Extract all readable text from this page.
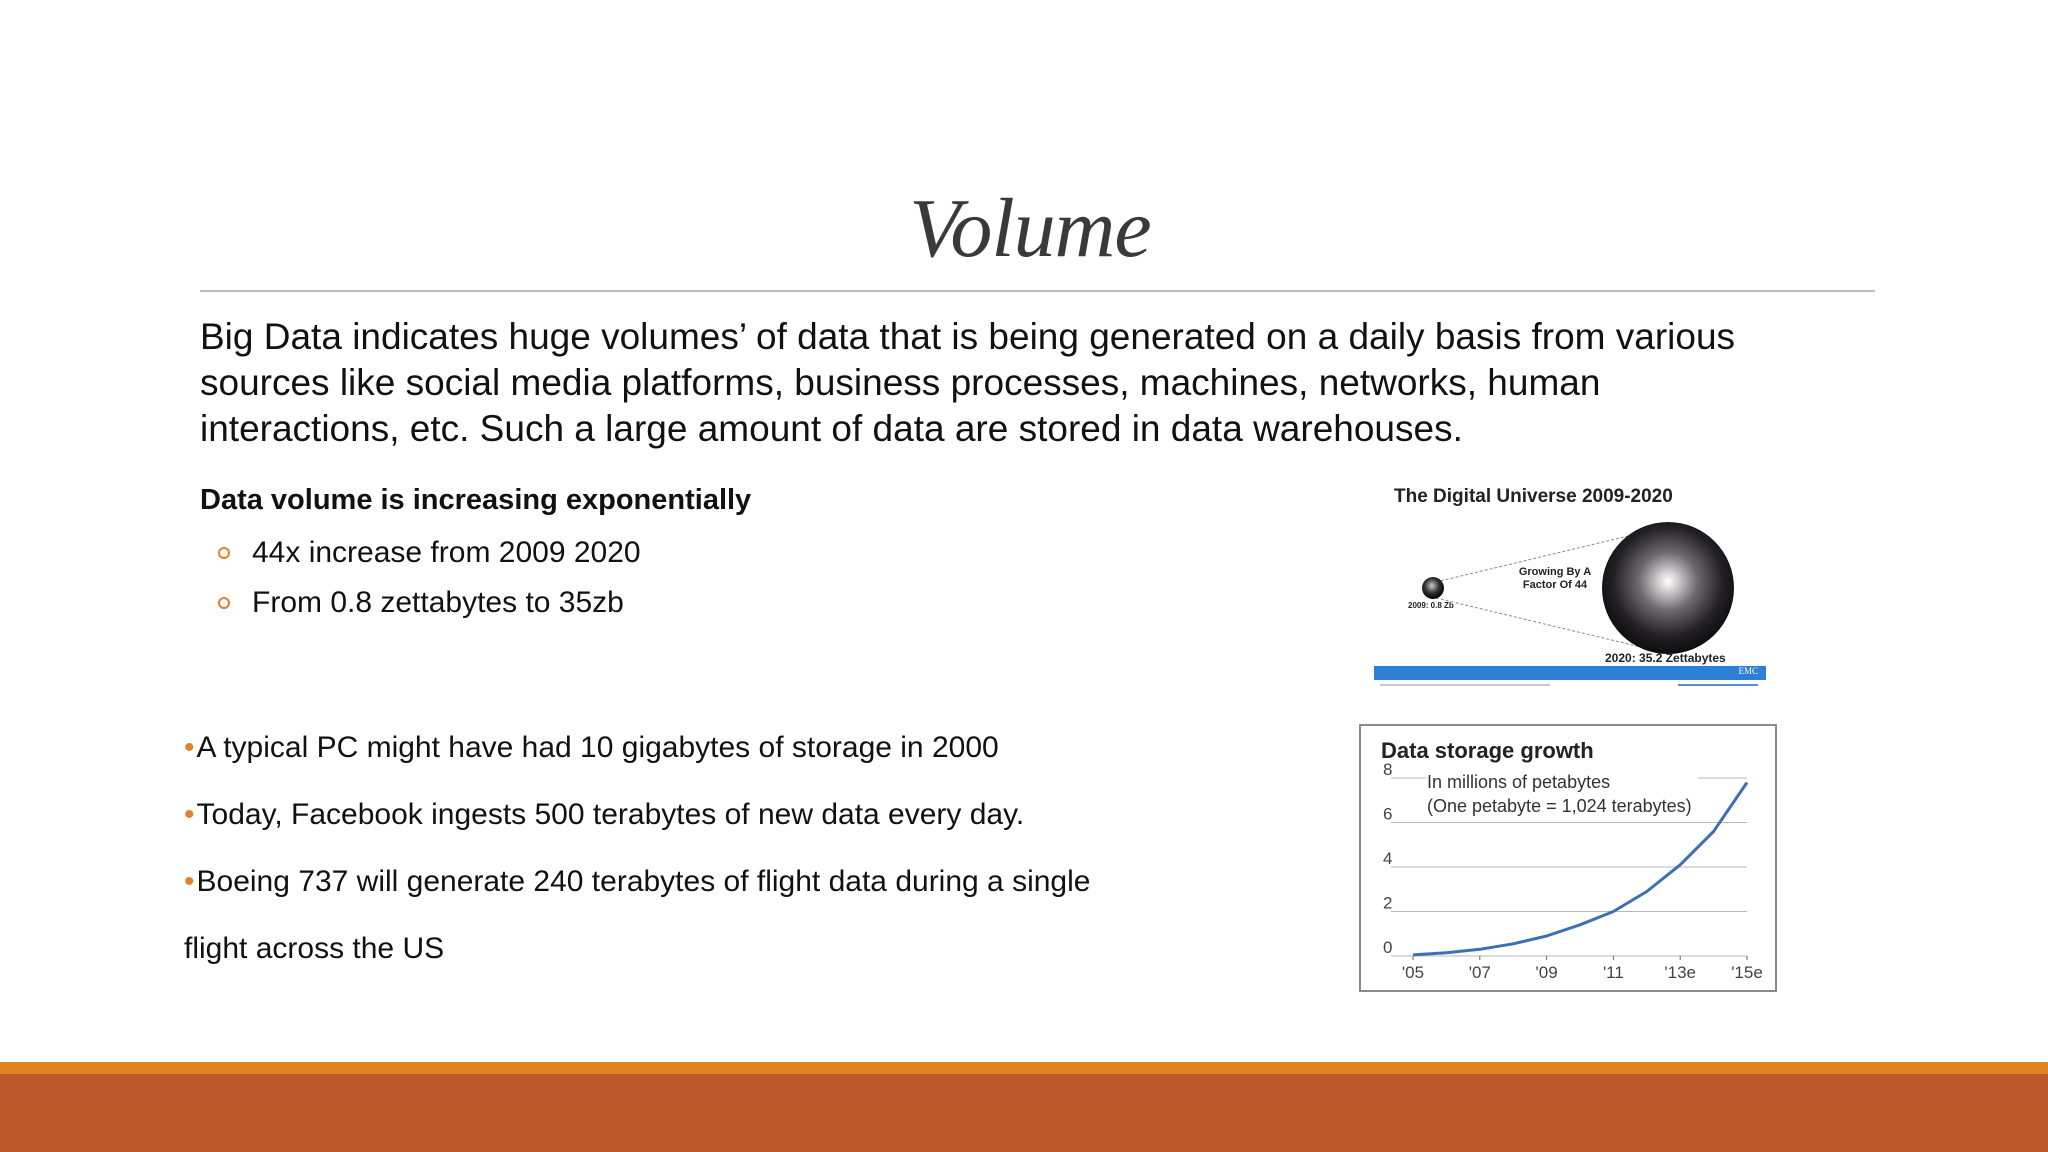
Volume
Big Data indicates huge volumes’ of data that is being generated on a daily basis from various
sources like social media platforms, business processes, machines, networks, human
interactions, etc. Such a large amount of data are stored in data warehouses.
Data volume is increasing exponentially
44x increase from 2009 2020
From 0.8 zettabytes to 35zb
• A typical PC might have had 10 gigabytes of storage in 2000
• Today, Facebook ingests 500 terabytes of new data every day.
• Boeing 737 will generate 240 terabytes of flight data during a single
flight across the US
The Digital Universe 2009-2020
Growing By A Factor Of 44
2009: 0.8 Zb
2020: 35.2 Zettabytes
EMC
0
2
4
6
8
'05	'07	'09	'11 '13e '15e
Data storage growth
In millions of petabytes
(One petabyte = 1,024 terabytes)
